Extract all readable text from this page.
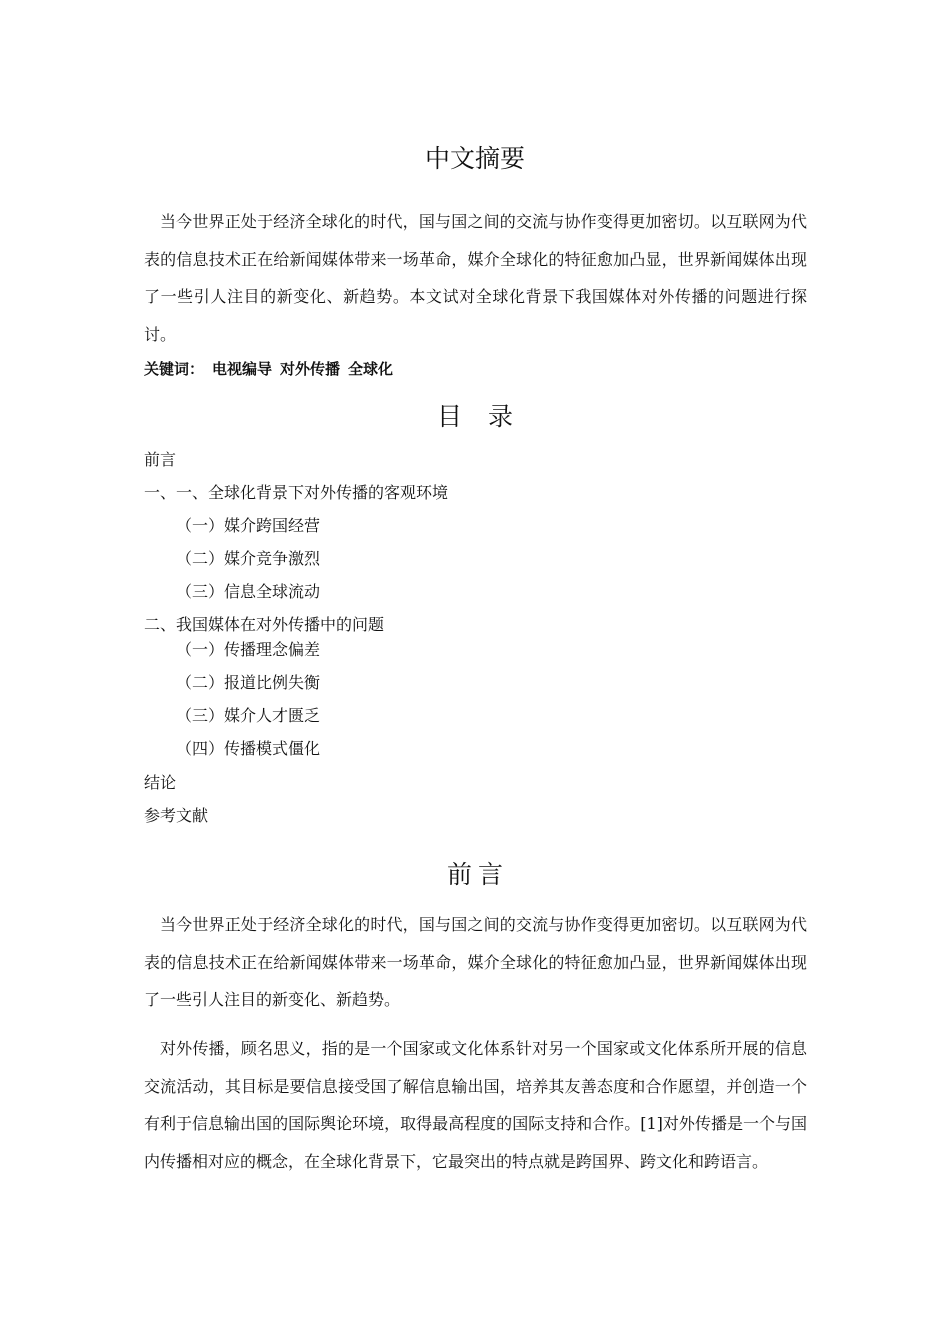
中文摘要
当今世界正处于经济全球化的时代，国与国之间的交流与协作变得更加密切。以互联网为代表的信息技术正在给新闻媒体带来一场革命，媒介全球化的特征愈加凸显，世界新闻媒体出现了一些引人注目的新变化、新趋势。本文试对全球化背景下我国媒体对外传播的问题进行探讨。
关键词： 电视编导 对外传播 全球化
目录
前言
一、一、全球化背景下对外传播的客观环境
（一）媒介跨国经营
（二）媒介竞争激烈
（三）信息全球流动
二、我国媒体在对外传播中的问题
（一）传播理念偏差
（二）报道比例失衡
（三）媒介人才匮乏
（四）传播模式僵化
结论
参考文献
前言
当今世界正处于经济全球化的时代，国与国之间的交流与协作变得更加密切。以互联网为代表的信息技术正在给新闻媒体带来一场革命，媒介全球化的特征愈加凸显，世界新闻媒体出现了一些引人注目的新变化、新趋势。
对外传播，顾名思义，指的是一个国家或文化体系针对另一个国家或文化体系所开展的信息交流活动，其目标是要信息接受国了解信息输出国，培养其友善态度和合作愿望，并创造一个有利于信息输出国的国际舆论环境，取得最高程度的国际支持和合作。[1]对外传播是一个与国内传播相对应的概念，在全球化背景下，它最突出的特点就是跨国界、跨文化和跨语言。
